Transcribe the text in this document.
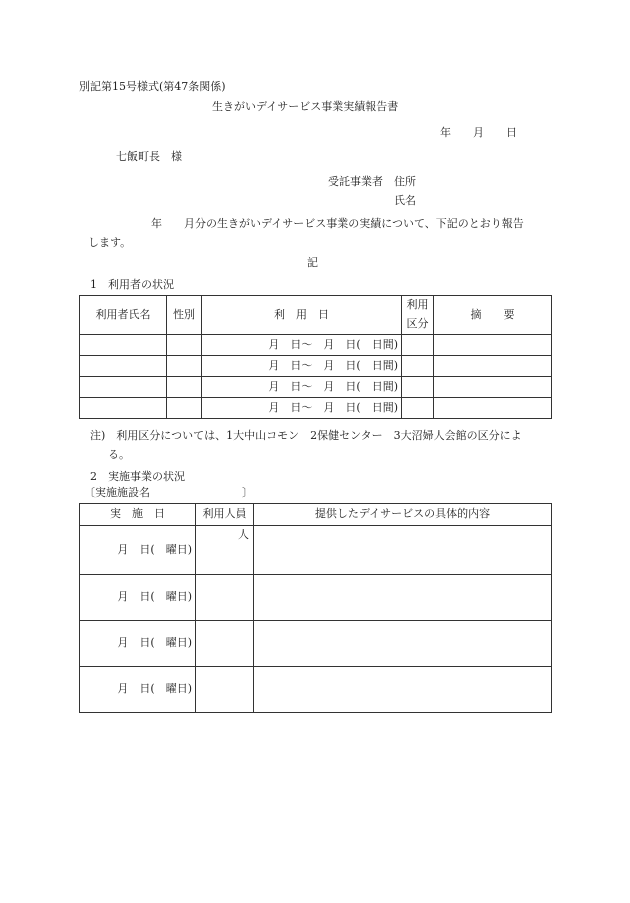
別記第15号様式(第47条関係)
生きがいデイサービス事業実績報告書
年　　月　　日
七飯町長　様
受託事業者　住所
氏名
年　　月分の生きがいデイサービス事業の実績について、下記のとおり報告
します。
記
1　利用者の状況
利用者氏名	性別	利　用　日	利用区分	摘　　要
		月　日～　月　日(　日間)		
		月　日～　月　日(　日間)		
		月　日～　月　日(　日間)		
		月　日～　月　日(　日間)		
注)　利用区分については、1大中山コモン　2保健センター　3大沼婦人会館の区分によ
る。
2　実施事業の状況
〔実施施設名	〕
実　施　日	利用人員	提供したデイサービスの具体的内容
月　日(　曜日)	人	
月　日(　曜日)		
月　日(　曜日)		
月　日(　曜日)		
